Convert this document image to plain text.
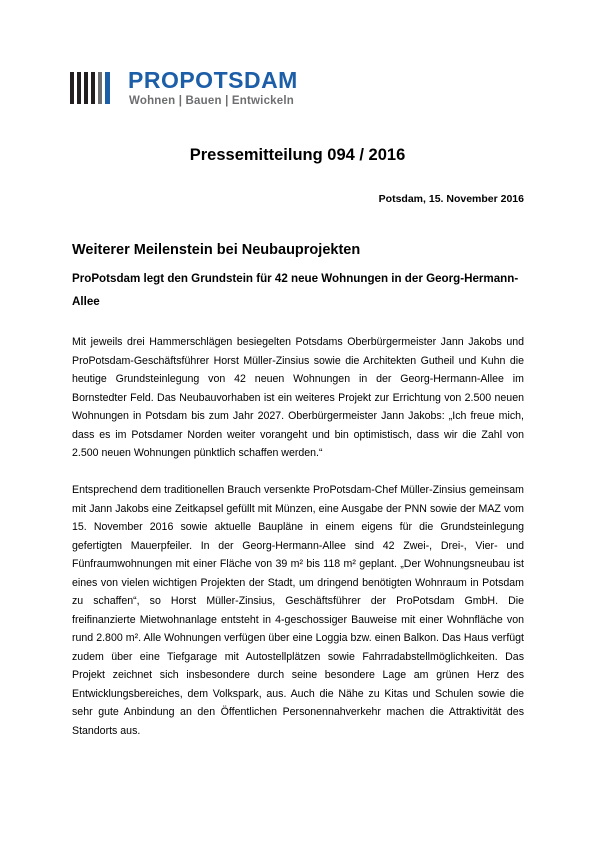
PROPOTSDAM
Wohnen | Bauen | Entwickeln
Pressemitteilung 094 / 2016
Potsdam, 15. November 2016
Weiterer Meilenstein bei Neubauprojekten
ProPotsdam legt den Grundstein für 42 neue Wohnungen in der Georg-Hermann-Allee

Mit jeweils drei Hammerschlägen besiegelten Potsdams Oberbürgermeister Jann Jakobs und ProPotsdam-Geschäftsführer Horst Müller-Zinsius sowie die Architekten Gutheil und Kuhn die heutige Grundsteinlegung von 42 neuen Wohnungen in der Georg-Hermann-Allee im Bornstedter Feld. Das Neubauvorhaben ist ein weiteres Projekt zur Errichtung von 2.500 neuen Wohnungen in Potsdam bis zum Jahr 2027. Oberbürgermeister Jann Jakobs: „Ich freue mich, dass es im Potsdamer Norden weiter vorangeht und bin optimistisch, dass wir die Zahl von 2.500 neuen Wohnungen pünktlich schaffen werden.“

Entsprechend dem traditionellen Brauch versenkte ProPotsdam-Chef Müller-Zinsius gemeinsam mit Jann Jakobs eine Zeitkapsel gefüllt mit Münzen, eine Ausgabe der PNN sowie der MAZ vom 15. November 2016 sowie aktuelle Baupläne in einem eigens für die Grundsteinlegung gefertigten Mauerpfeiler. In der Georg-Hermann-Allee sind 42 Zwei-, Drei-, Vier- und Fünfraumwohnungen mit einer Fläche von 39 m² bis 118 m² geplant. „Der Wohnungsneubau ist eines von vielen wichtigen Projekten der Stadt, um dringend benötigten Wohnraum in Potsdam zu schaffen“, so Horst Müller-Zinsius, Geschäftsführer der ProPotsdam GmbH. Die freifinanzierte Mietwohnanlage entsteht in 4-geschossiger Bauweise mit einer Wohnfläche von rund 2.800 m². Alle Wohnungen verfügen über eine Loggia bzw. einen Balkon. Das Haus verfügt zudem über eine Tiefgarage mit Autostellplätzen sowie Fahrradabstellmöglichkeiten. Das Projekt zeichnet sich insbesondere durch seine besondere Lage am grünen Herz des Entwicklungsbereiches, dem Volkspark, aus. Auch die Nähe zu Kitas und Schulen sowie die sehr gute Anbindung an den Öffentlichen Personennahverkehr machen die Attraktivität des Standorts aus.
